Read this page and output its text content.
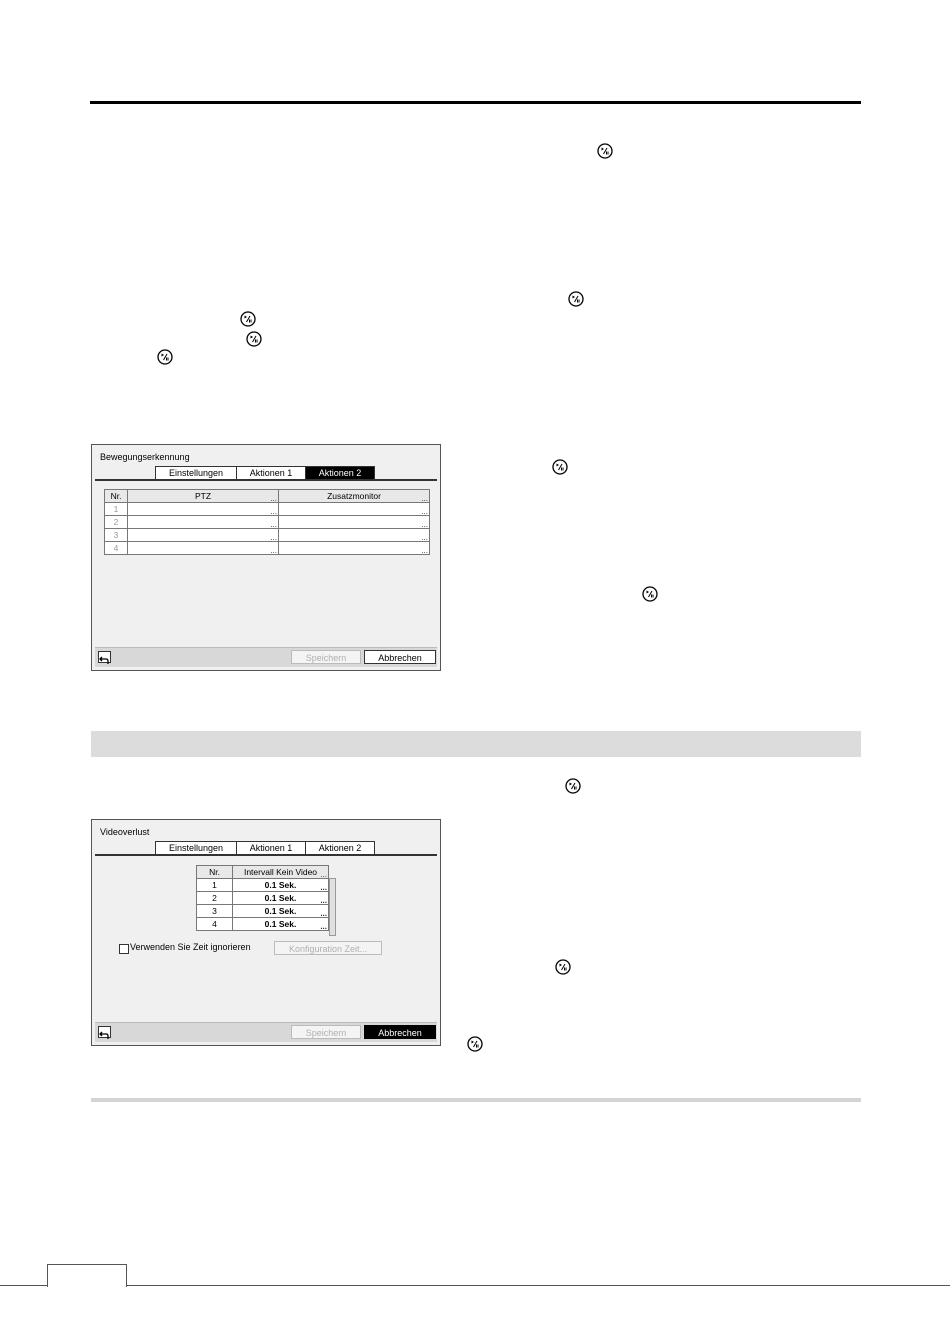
Bewegungserkennung
Einstellungen	Aktionen 1	Aktionen 2
Nr.	PTZ ...	Zusatzmonitor ...

1	...	...

2	...	...

3	...	...

4	...	...
Speichern	Abbrechen
Videoverlust
Einstellungen	Aktionen 1	Aktionen 2
Nr.	Intervall Kein Video ...

1	0.1 Sek. ...

2	0.1 Sek. ...

3	0.1 Sek. ...

4	0.1 Sek. ...
Verwenden Sie Zeit ignorieren	Konfiguration Zeit...
Speichern	Abbrechen
